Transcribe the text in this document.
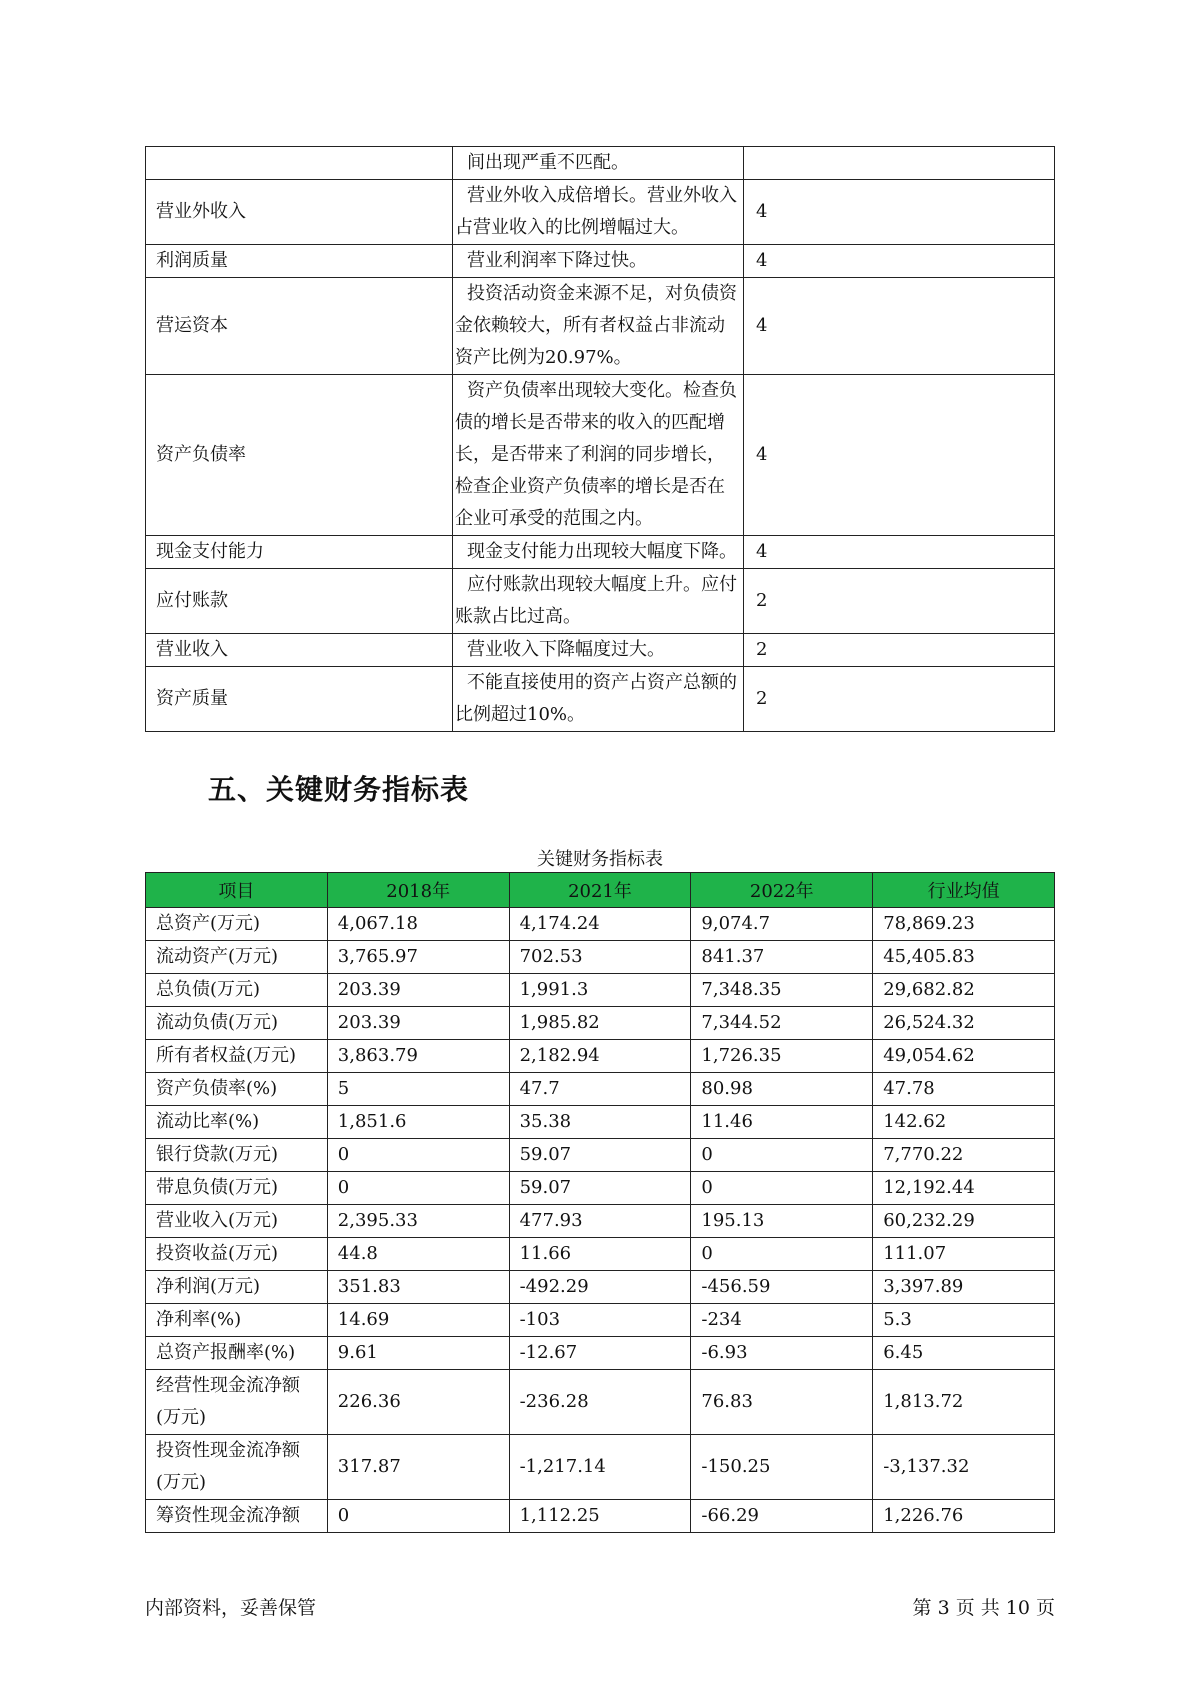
	间出现严重不匹配。	
营业外收入	营业外收入成倍增长。营业外收入占营业收入的比例增幅过大。	4
利润质量	营业利润率下降过快。	4
营运资本	投资活动资金来源不足，对负债资金依赖较大，所有者权益占非流动资产比例为20.97%。	4
资产负债率	资产负债率出现较大变化。检查负债的增长是否带来的收入的匹配增长，是否带来了利润的同步增长，检查企业资产负债率的增长是否在企业可承受的范围之内。	4
现金支付能力	现金支付能力出现较大幅度下降。	4
应付账款	应付账款出现较大幅度上升。应付账款占比过高。	2
营业收入	营业收入下降幅度过大。	2
资产质量	不能直接使用的资产占资产总额的比例超过10%。	2
五、关键财务指标表
关键财务指标表
项目	2018年	2021年	2022年	行业均值
总资产(万元)	4,067.18	4,174.24	9,074.7	78,869.23
流动资产(万元)	3,765.97	702.53	841.37	45,405.83
总负债(万元)	203.39	1,991.3	7,348.35	29,682.82
流动负债(万元)	203.39	1,985.82	7,344.52	26,524.32
所有者权益(万元)	3,863.79	2,182.94	1,726.35	49,054.62
资产负债率(%)	5	47.7	80.98	47.78
流动比率(%)	1,851.6	35.38	11.46	142.62
银行贷款(万元)	0	59.07	0	7,770.22
带息负债(万元)	0	59.07	0	12,192.44
营业收入(万元)	2,395.33	477.93	195.13	60,232.29
投资收益(万元)	44.8	11.66	0	111.07
净利润(万元)	351.83	-492.29	-456.59	3,397.89
净利率(%)	14.69	-103	-234	5.3
总资产报酬率(%)	9.61	-12.67	-6.93	6.45
经营性现金流净额(万元)	226.36	-236.28	76.83	1,813.72
投资性现金流净额(万元)	317.87	-1,217.14	-150.25	-3,137.32
筹资性现金流净额	0	1,112.25	-66.29	1,226.76
内部资料，妥善保管	第 3 页 共 10 页
